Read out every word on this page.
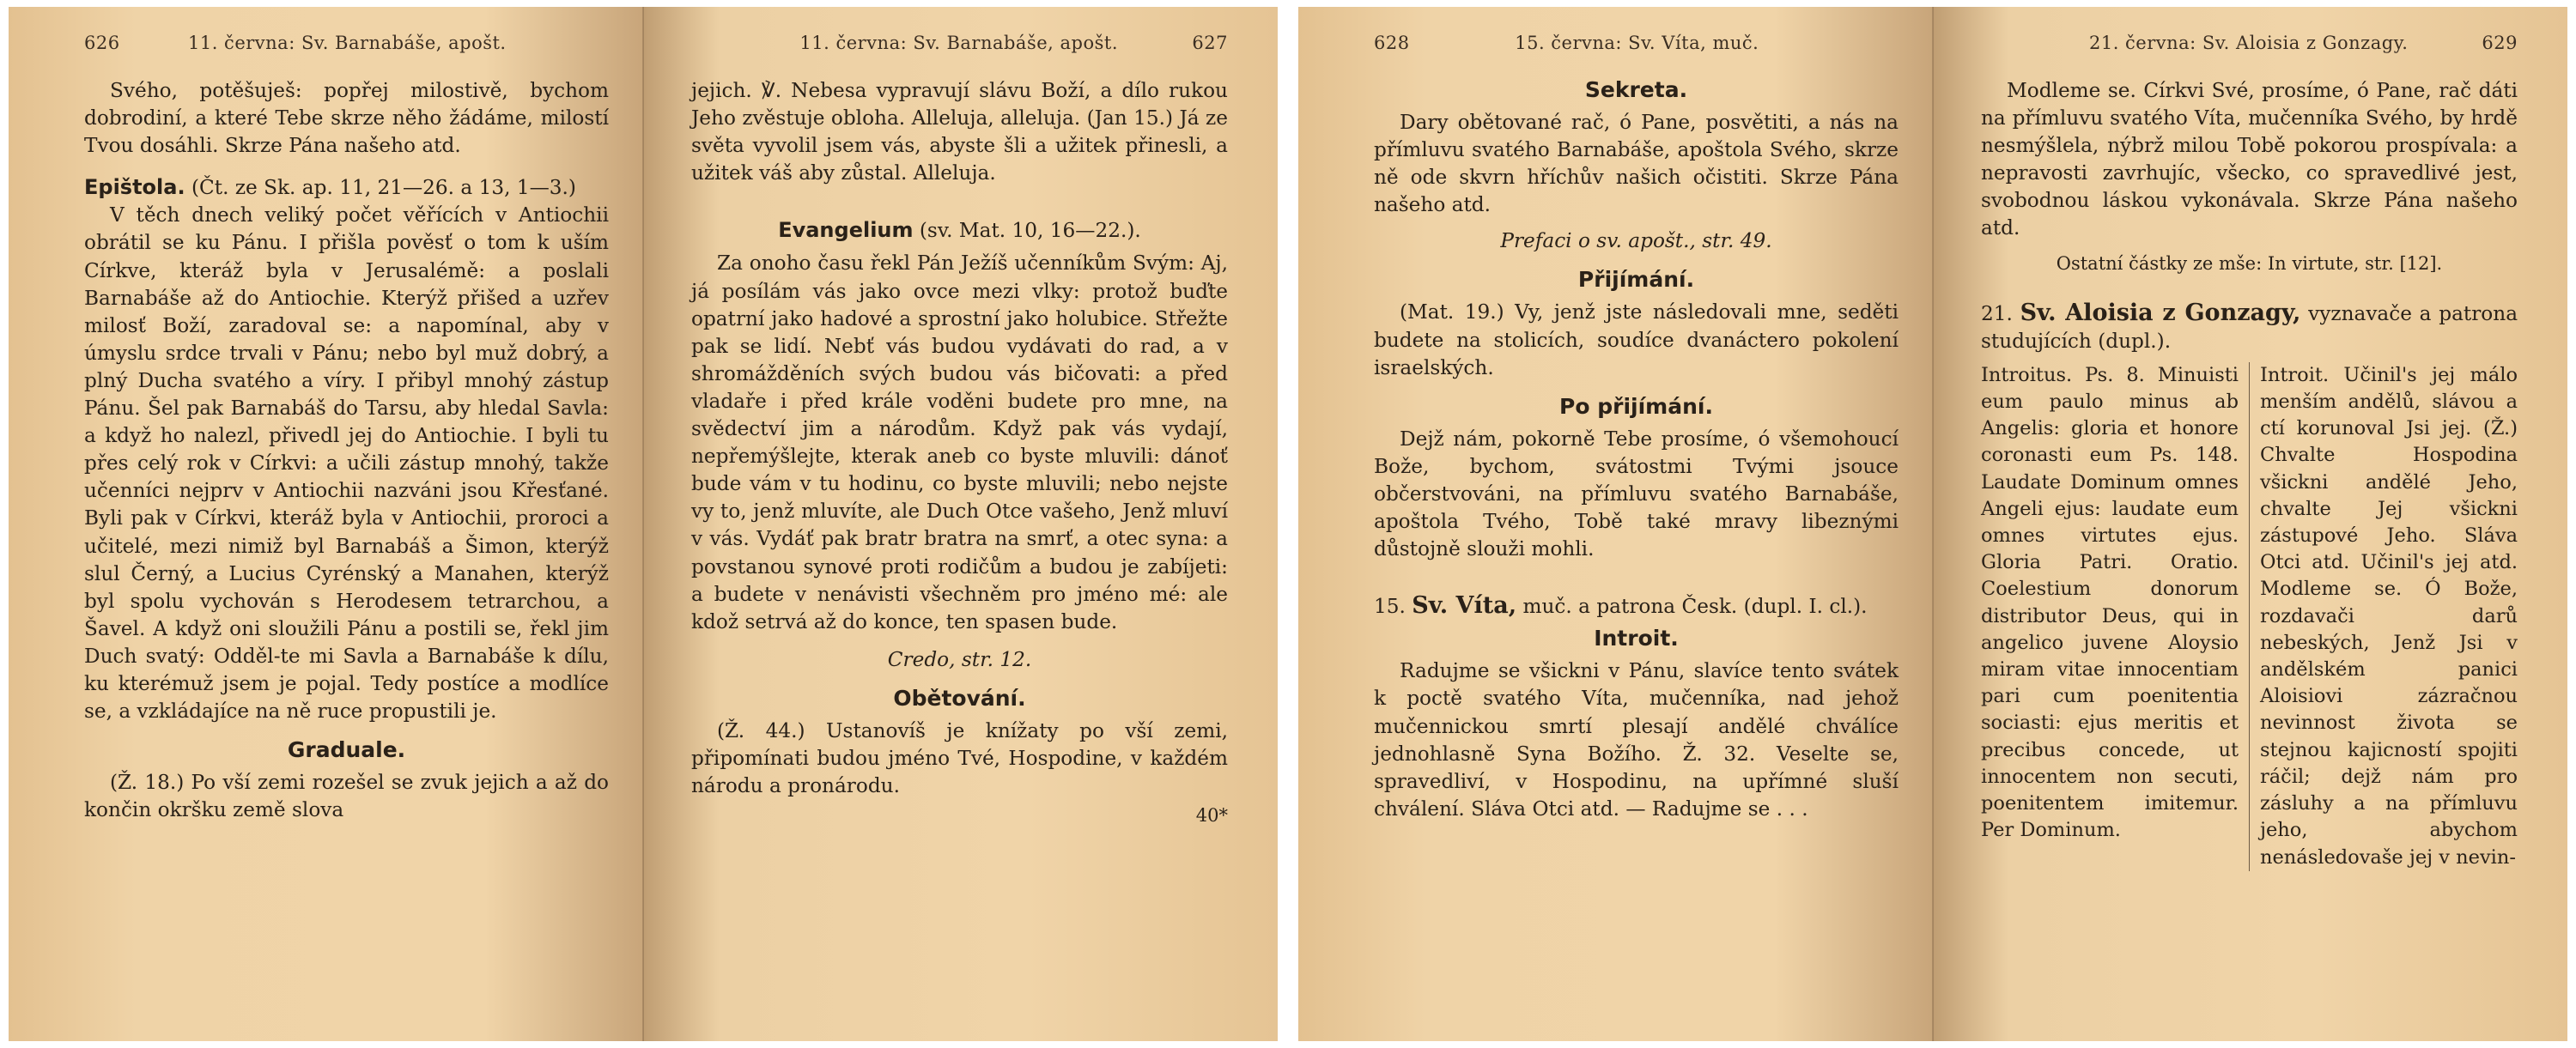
626	11. června: Sv. Barnabáše, apošt.

Svého, potěšuješ: popřej milostivě, bychom dobrodiní, a které Tebe skrze něho žádáme, milostí Tvou dosáhli. Skrze Pána našeho atd.

Epištola. (Čt. ze Sk. ap. 11, 21—26. a 13, 1—3.)

V těch dnech veliký počet věřících v Antiochii obrátil se ku Pánu. I přišla pověsť o tom k uším Církve, kteráž byla v Jerusalémě: a poslali Barnabáše až do Antiochie. Kterýž přišed a uzřev milosť Boží, zaradoval se: a napomínal, aby v úmyslu srdce trvali v Pánu; nebo byl muž dobrý, a plný Ducha svatého a víry. I přibyl mnohý zástup Pánu. Šel pak Barnabáš do Tarsu, aby hledal Savla: a když ho nalezl, přivedl jej do Antiochie. I byli tu přes celý rok v Církvi: a učili zástup mnohý, takže učenníci nejprv v Antiochii nazváni jsou Křesťané. Byli pak v Církvi, kteráž byla v Antiochii, proroci a učitelé, mezi nimiž byl Barnabáš a Šimon, kterýž slul Černý, a Lucius Cyrénský a Manahen, kterýž byl spolu vychován s Herodesem tetrarchou, a Šavel. A když oni sloužili Pánu a postili se, řekl jim Duch svatý: Odděl-te mi Savla a Barnabáše k dílu, ku kterémuž jsem je pojal. Tedy postíce a modlíce se, a vzkládajíce na ně ruce propustili je.

Graduale.

(Ž. 18.) Po vší zemi rozešel se zvuk jejich a až do končin okršku země slova

11. června: Sv. Barnabáše, apošt.	627

jejich. ℣. Nebesa vypravují slávu Boží, a dílo rukou Jeho zvěstuje obloha. Alleluja, alleluja. (Jan 15.) Já ze světa vyvolil jsem vás, abyste šli a užitek přinesli, a užitek váš aby zůstal. Alleluja.

Evangelium (sv. Mat. 10, 16—22.).

Za onoho času řekl Pán Ježíš učenníkům Svým: Aj, já posílám vás jako ovce mezi vlky: protož buďte opatrní jako hadové a sprostní jako holubice. Střežte pak se lidí. Nebť vás budou vydávati do rad, a v shromážděních svých budou vás bičovati: a před vladaře i před krále voděni budete pro mne, na svědectví jim a národům. Když pak vás vydají, nepřemýšlejte, kterak aneb co byste mluvili: dánoť bude vám v tu hodinu, co byste mluvili; nebo nejste vy to, jenž mluvíte, ale Duch Otce vašeho, Jenž mluví v vás. Vydáť pak bratr bratra na smrť, a otec syna: a povstanou synové proti rodičům a budou je zabíjeti: a budete v nenávisti všechněm pro jméno mé: ale kdož setrvá až do konce, ten spasen bude.

Credo, str. 12.

Obětování.

(Ž. 44.) Ustanovíš je knížaty po vší zemi, připomínati budou jméno Tvé, Hospodine, v každém národu a pronárodu.

40*
628	15. června: Sv. Víta, muč.
Sekreta.

Dary obětované rač, ó Pane, posvětiti, a nás na přímluvu svatého Barnabáše, apoštola Svého, skrze ně ode skvrn hříchův našich očistiti. Skrze Pána našeho atd.

Prefaci o sv. apošt., str. 49.

Přijímání.

(Mat. 19.) Vy, jenž jste následovali mne, seděti budete na stolicích, soudíce dvanáctero pokolení israelských.

Po přijímání.

Dejž nám, pokorně Tebe prosíme, ó všemohoucí Bože, bychom, svátostmi Tvými jsouce občerstvováni, na přímluvu svatého Barnabáše, apoštola Tvého, Tobě také mravy libeznými důstojně slouži mohli.

15. Sv. Víta, muč. a patrona Česk. (dupl. I. cl.).

Introit.

Radujme se všickni v Pánu, slavíce tento svátek k poctě svatého Víta, mučenníka, nad jehož mučennickou smrtí plesají andělé chválíce jednohlasně Syna Božího. Ž. 32. Veselte se, spravedliví, v Hospodinu, na upřímné sluší chválení. Sláva Otci atd. — Radujme se . . .

21. června: Sv. Aloisia z Gonzagy.	629

Modleme se. Církvi Své, prosíme, ó Pane, rač dáti na přímluvu svatého Víta, mučenníka Svého, by hrdě nesmýšlela, nýbrž milou Tobě pokorou prospívala: a nepravosti zavrhujíc, všecko, co spravedlivé jest, svobodnou láskou vykonávala. Skrze Pána našeho atd.

Ostatní částky ze mše: In virtute, str. [12].

21. Sv. Aloisia z Gonzagy, vyznavače a patrona studujících (dupl.).

Introitus. Ps. 8. Minuisti eum paulo minus ab Angelis: gloria et honore coronasti eum Ps. 148. Laudate Dominum omnes Angeli ejus: laudate eum omnes virtutes ejus. Gloria Patri. Oratio. Coelestium donorum distributor Deus, qui in angelico juvene Aloysio miram vitae innocentiam pari cum poenitentia sociasti: ejus meritis et precibus concede, ut innocentem non secuti, poenitentem imitemur. Per Dominum.

Introit. Učinil's jej málo menším andělů, slávou a ctí korunoval Jsi jej. (Ž.) Chvalte Hospodina všickni andělé Jeho, chvalte Jej všickni zástupové Jeho. Sláva Otci atd. Učinil's jej atd. Modleme se. Ó Bože, rozdavači darů nebeských, Jenž Jsi v andělském panici Aloisiovi zázračnou nevinnost života se stejnou kajicností spojiti ráčil; dejž nám pro zásluhy a na přímluvu jeho, abychom nenásledovaše jej v nevin-
